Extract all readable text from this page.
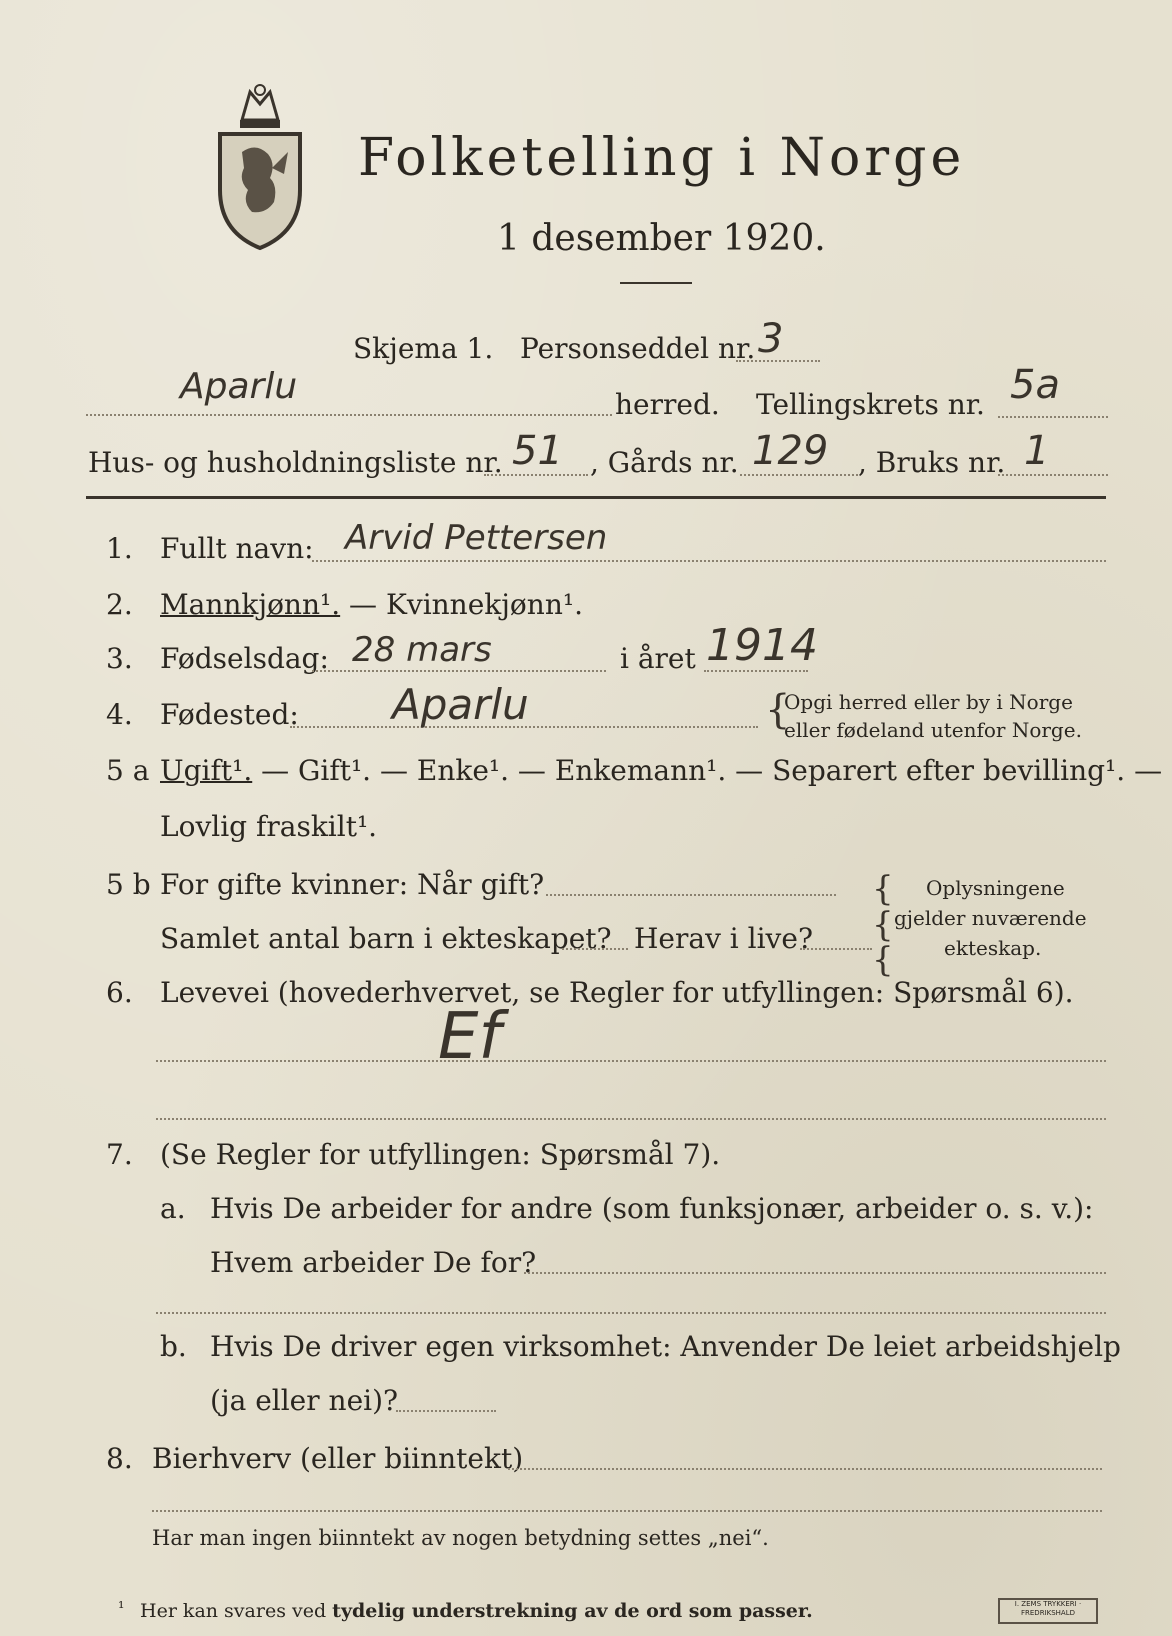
Folketelling i Norge
1 desember 1920.
Skjema 1. Personseddel nr. 3
Aparlu	herred. Tellingskrets nr. 5a
Hus- og husholdningsliste nr. 51 , Gårds nr. 129 , Bruks nr. 1
1. Fullt navn: Arvid Pettersen
2. Mannkjønn¹. — Kvinnekjønn¹.
3. Fødselsdag: 28 mars	i året 1914
4. Fødested: Aparlu	{
Opgi herred eller by i Norge
eller fødeland utenfor Norge.
5 a Ugift¹. — Gift¹. — Enke¹. — Enkemann¹. — Separert efter bevilling¹. —
Lovlig fraskilt¹.
5 b For gifte kvinner: Når gift?
Samlet antal barn i ekteskapet? Herav i live?
{
{
{
Oplysningene
gjelder nuværende
ekteskap.
6. Levevei (hovederhvervet, se Regler for utfyllingen: Spørsmål 6).
Ef
7. (Se Regler for utfyllingen: Spørsmål 7).
a. Hvis De arbeider for andre (som funksjonær, arbeider o. s. v.):
Hvem arbeider De for?
b. Hvis De driver egen virksomhet: Anvender De leiet arbeidshjelp
(ja eller nei)?
8. Bierhverv (eller biinntekt)
Har man ingen biinntekt av nogen betydning settes „nei“.
¹ Her kan svares ved tydelig understrekning av de ord som passer.	I. ZEMS TRYKKERI · FREDRIKSHALD
